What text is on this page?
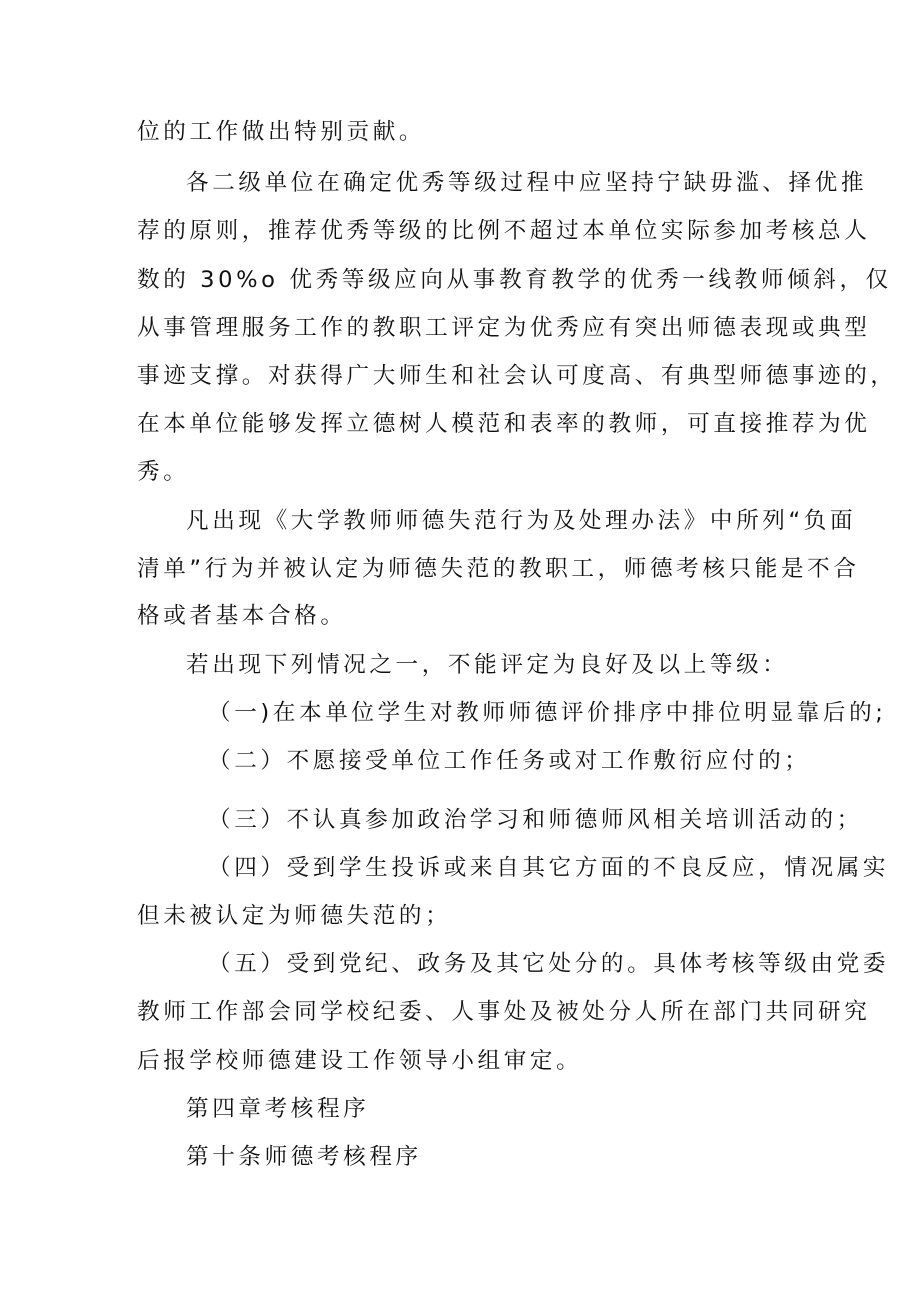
位的工作做出特别贡献。
各二级单位在确定优秀等级过程中应坚持宁缺毋滥、择优推
荐的原则，推荐优秀等级的比例不超过本单位实际参加考核总人
数的 30%o 优秀等级应向从事教育教学的优秀一线教师倾斜，仅
从事管理服务工作的教职工评定为优秀应有突出师德表现或典型
事迹支撑。对获得广大师生和社会认可度高、有典型师德事迹的，
在本单位能够发挥立德树人模范和表率的教师，可直接推荐为优
秀。
凡出现《大学教师师德失范行为及处理办法》中所列“负面
清单”行为并被认定为师德失范的教职工，师德考核只能是不合
格或者基本合格。
若出现下列情况之一，不能评定为良好及以上等级：
（一)在本单位学生对教师师德评价排序中排位明显靠后的;
（二）不愿接受单位工作任务或对工作敷衍应付的；
（三）不认真参加政治学习和师德师风相关培训活动的；
（四）受到学生投诉或来自其它方面的不良反应，情况属实
但未被认定为师德失范的；
（五）受到党纪、政务及其它处分的。具体考核等级由党委
教师工作部会同学校纪委、人事处及被处分人所在部门共同研究
后报学校师德建设工作领导小组审定。
第四章考核程序
第十条师德考核程序
